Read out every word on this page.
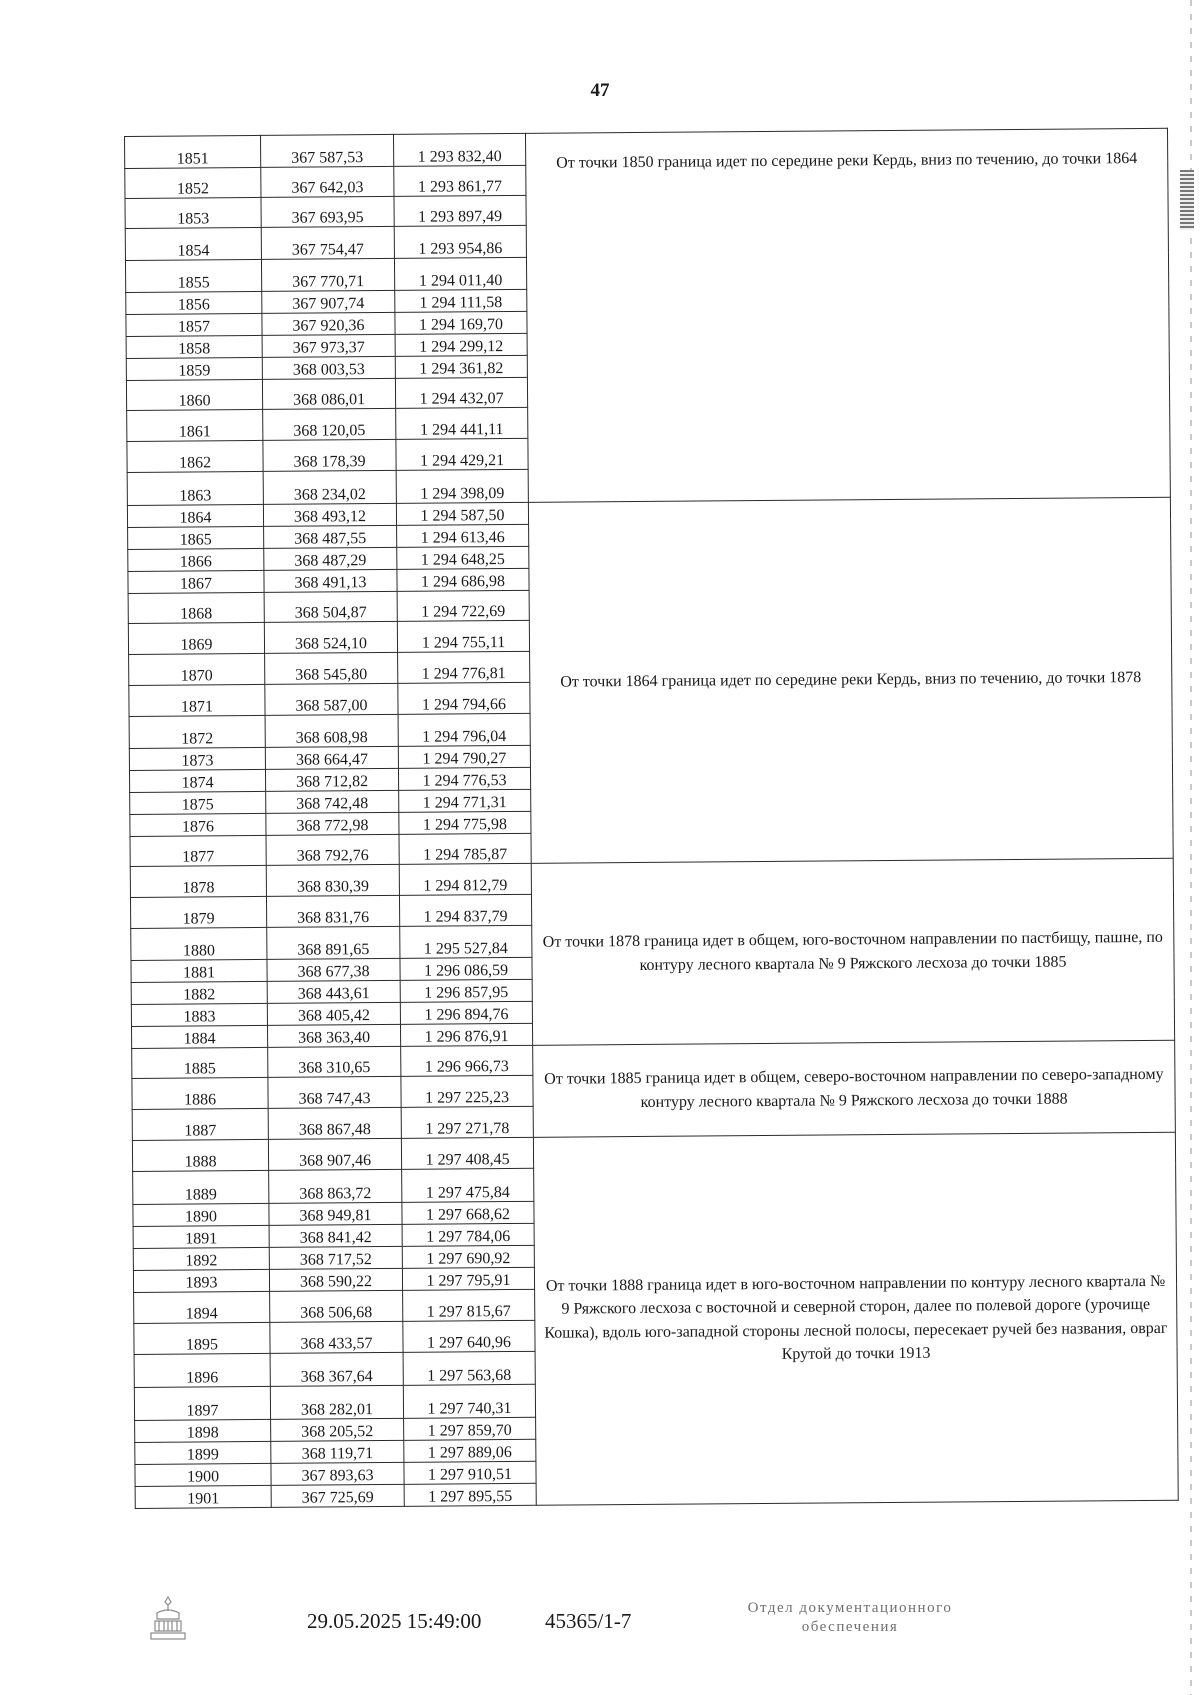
47
1851	367 587,53	1 293 832,40	От точки 1850 граница идет по середине реки Кердь, вниз по течению, до точки 1864
1852	367 642,03	1 293 861,77	
1853	367 693,95	1 293 897,49	
1854	367 754,47	1 293 954,86	
1855	367 770,71	1 294 011,40	
1856	367 907,74	1 294 111,58	
1857	367 920,36	1 294 169,70	
1858	367 973,37	1 294 299,12	
1859	368 003,53	1 294 361,82	
1860	368 086,01	1 294 432,07	
1861	368 120,05	1 294 441,11	
1862	368 178,39	1 294 429,21	
1863	368 234,02	1 294 398,09	
1864	368 493,12	1 294 587,50	От точки 1864 граница идет по середине реки Кердь, вниз по течению, до точки 1878
1865	368 487,55	1 294 613,46	
1866	368 487,29	1 294 648,25	
1867	368 491,13	1 294 686,98	
1868	368 504,87	1 294 722,69	
1869	368 524,10	1 294 755,11	
1870	368 545,80	1 294 776,81	
1871	368 587,00	1 294 794,66	
1872	368 608,98	1 294 796,04	
1873	368 664,47	1 294 790,27	
1874	368 712,82	1 294 776,53	
1875	368 742,48	1 294 771,31	
1876	368 772,98	1 294 775,98	
1877	368 792,76	1 294 785,87	
1878	368 830,39	1 294 812,79	От точки 1878 граница идет в общем, юго-восточном направлении по пастбищу, пашне, по контуру лесного квартала № 9 Ряжского лесхоза до точки 1885
1879	368 831,76	1 294 837,79	
1880	368 891,65	1 295 527,84	
1881	368 677,38	1 296 086,59	
1882	368 443,61	1 296 857,95	
1883	368 405,42	1 296 894,76	
1884	368 363,40	1 296 876,91	
1885	368 310,65	1 296 966,73	От точки 1885 граница идет в общем, северо-восточном направлении по северо-западному контуру лесного квартала № 9 Ряжского лесхоза до точки 1888
1886	368 747,43	1 297 225,23	
1887	368 867,48	1 297 271,78	
1888	368 907,46	1 297 408,45	От точки 1888 граница идет в юго-восточном направлении по контуру лесного квартала № 9 Ряжского лесхоза с восточной и северной сторон, далее по полевой дороге (урочище Кошка), вдоль юго-западной стороны лесной полосы, пересекает ручей без названия, овраг Крутой до точки 1913
1889	368 863,72	1 297 475,84	
1890	368 949,81	1 297 668,62	
1891	368 841,42	1 297 784,06	
1892	368 717,52	1 297 690,92	
1893	368 590,22	1 297 795,91	
1894	368 506,68	1 297 815,67	
1895	368 433,57	1 297 640,96	
1896	368 367,64	1 297 563,68	
1897	368 282,01	1 297 740,31	
1898	368 205,52	1 297 859,70	
1899	368 119,71	1 297 889,06	
1900	367 893,63	1 297 910,51	
1901	367 725,69	1 297 895,55	
29.05.2025 15:49:00	45365/1-7
Отдел документационного
обеспечения
